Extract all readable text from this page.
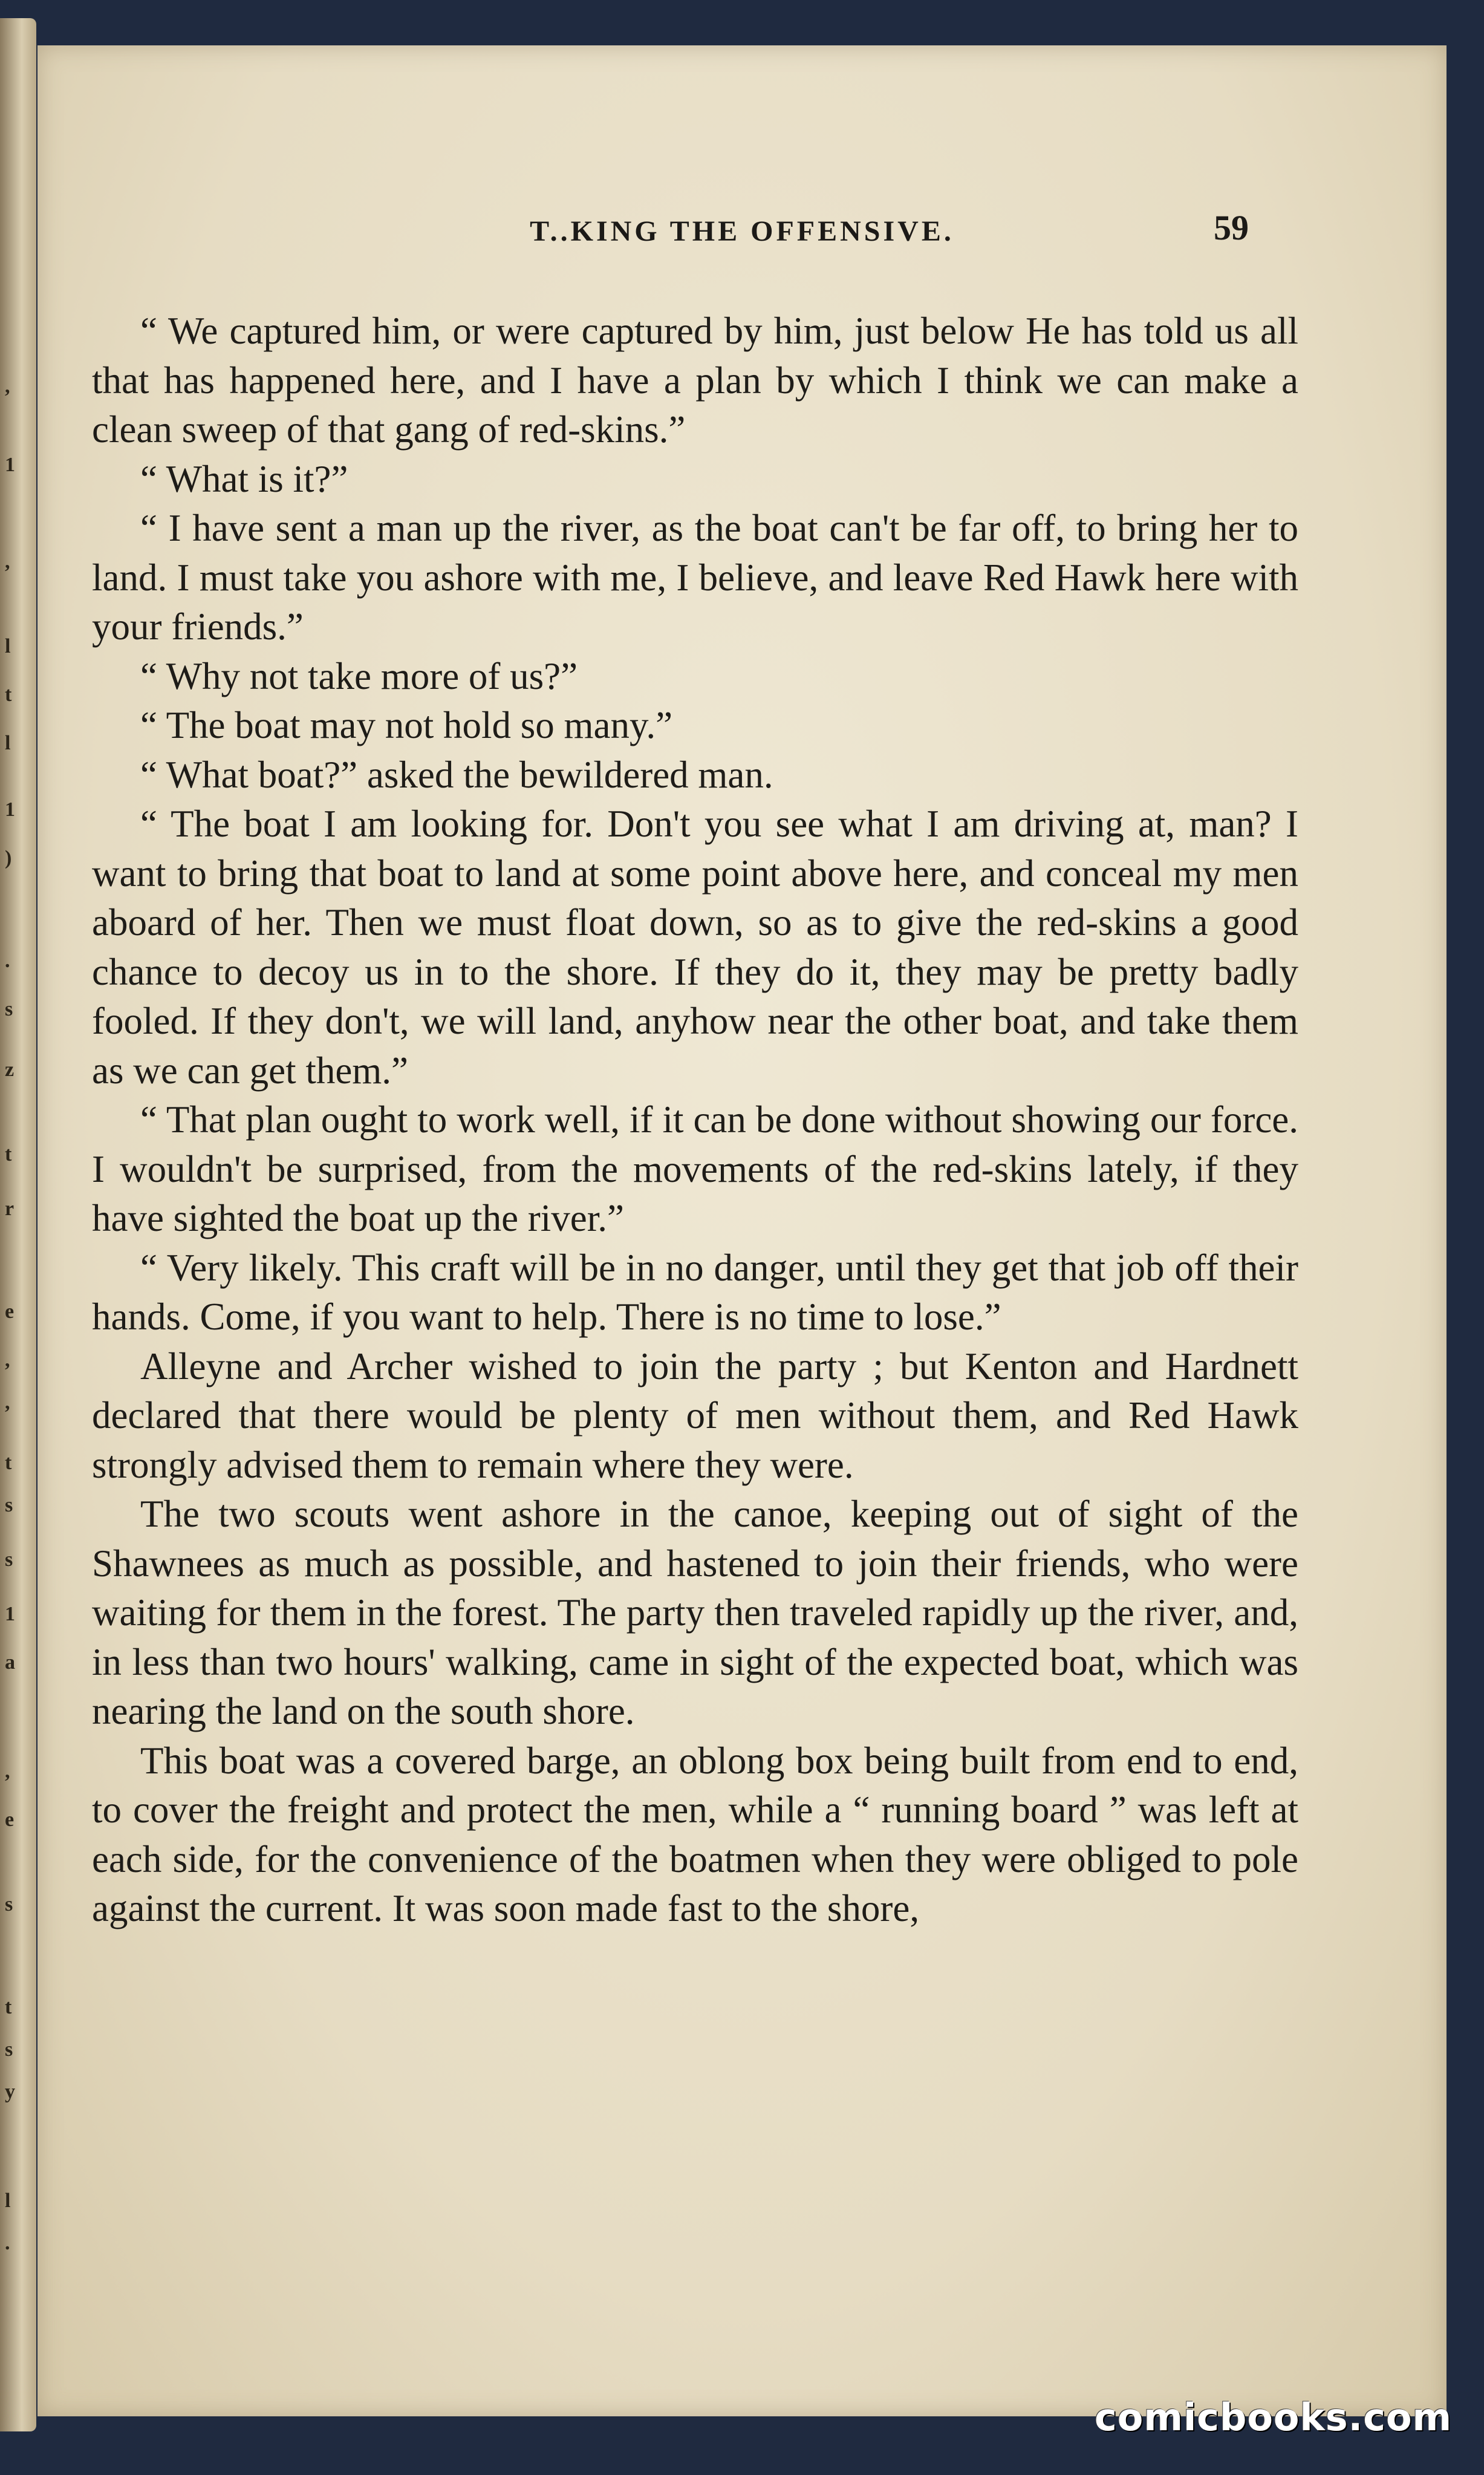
,
1
,
l
t
l
1
)
.
s
z
t
r
e
,
,
t
s
s
1
a
,
e
s
t
s
y
l
.
T..KING THE OFFENSIVE.	59

“ We captured him, or were captured by him, just below He has told us all that has happened here, and I have a plan by which I think we can make a clean sweep of that gang of red-skins.”

“ What is it?”

“ I have sent a man up the river, as the boat can't be far off, to bring her to land. I must take you ashore with me, I believe, and leave Red Hawk here with your friends.”

“ Why not take more of us?”

“ The boat may not hold so many.”

“ What boat?” asked the bewildered man.

“ The boat I am looking for. Don't you see what I am driving at, man? I want to bring that boat to land at some point above here, and conceal my men aboard of her. Then we must float down, so as to give the red-skins a good chance to decoy us in to the shore. If they do it, they may be pretty badly fooled. If they don't, we will land, anyhow near the other boat, and take them as we can get them.”

“ That plan ought to work well, if it can be done without showing our force. I wouldn't be surprised, from the movements of the red-skins lately, if they have sighted the boat up the river.”

“ Very likely. This craft will be in no danger, until they get that job off their hands. Come, if you want to help. There is no time to lose.”

Alleyne and Archer wished to join the party ; but Kenton and Hardnett declared that there would be plenty of men without them, and Red Hawk strongly advised them to remain where they were.

The two scouts went ashore in the canoe, keeping out of sight of the Shawnees as much as possible, and hastened to join their friends, who were waiting for them in the forest. The party then traveled rapidly up the river, and, in less than two hours' walking, came in sight of the expected boat, which was nearing the land on the south shore.

This boat was a covered barge, an oblong box being built from end to end, to cover the freight and protect the men, while a “ running board ” was left at each side, for the convenience of the boatmen when they were obliged to pole against the current. It was soon made fast to the shore,

comicbooks.com
